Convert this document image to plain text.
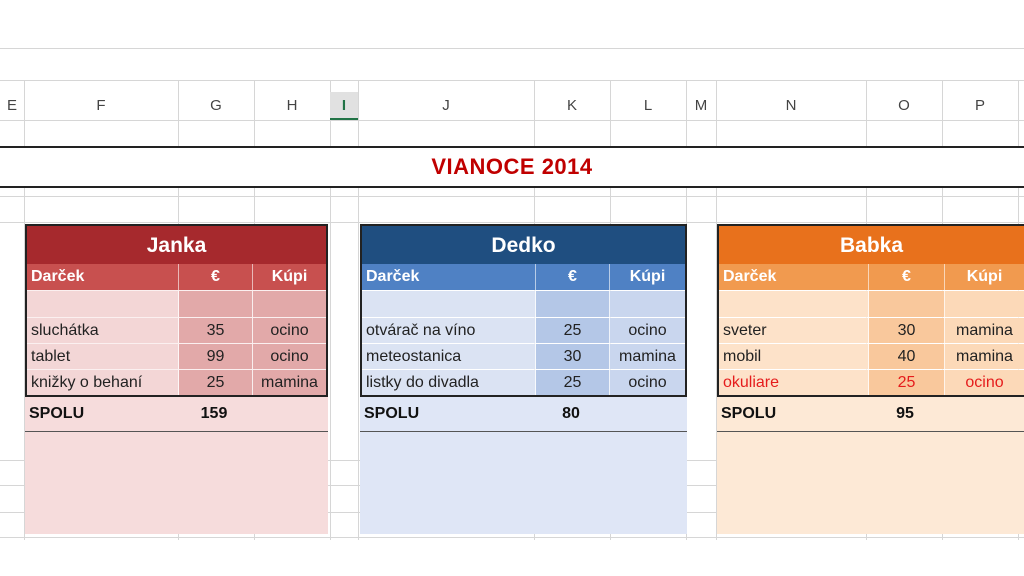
E	F	G	H	I	J	K	L	M	N	O	P
VIANOCE 2014
Janka
Darček	€	Kúpi
sluchátka	35	ocino
tablet	99	ocino
knižky o behaní	25	mamina
SPOLU	159
Dedko
Darček	€	Kúpi
otvárač na víno	25	ocino
meteostanica	30	mamina
listky do divadla	25	ocino
SPOLU	80
Babka
Darček	€	Kúpi
sveter	30	mamina
mobil	40	mamina
okuliare	25	ocino
SPOLU	95
